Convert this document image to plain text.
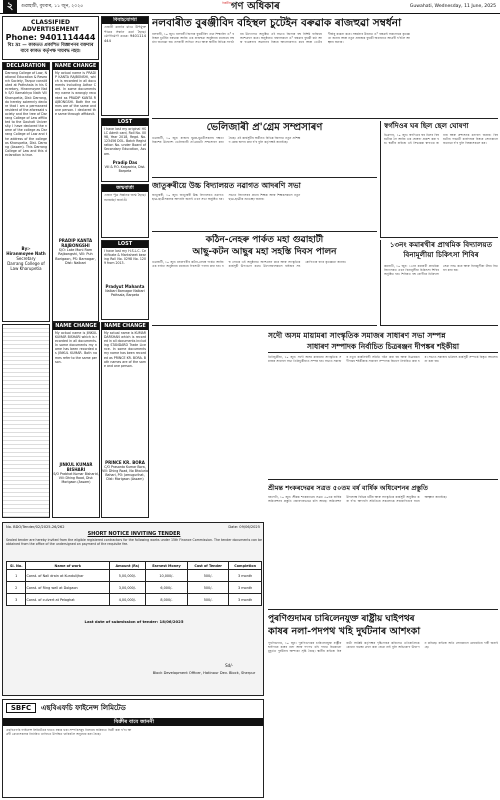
২	গুৱাহাটী, বুধবাৰ, ১১ জুন, ২০২৫
নিয়মীয়া গণ অধিকাৰ	Guwahati, Wednesday, 11 June, 2025
CLASSIFIED
ADVERTISEMENT
Phone: 9401114444
বিঃ দ্ৰঃ — কাকতত প্ৰকাশিত বিজ্ঞাপনৰ বক্তব্যৰ বাবে কাকত কৰ্তৃপক্ষ দায়বদ্ধ নহয়।
DECLARATION
Darrang College of Law, National Education & Research Society, Tezpur constituted at Pathshala in his Secretary, Hiranmoyee Nath S/O Kamakhya Nath Vill Kharupetia, Dist: Darrang, do hereby solemnly declare that I am a permanent resident of the aforesaid society and the tree of Darrang College of Law affiliated to the Gauhati University. I have declared the name of the college as Darrang College of Law and the address of the college as Kharupetia, Dist. Darrang (Assam). This Darrang College of Law and this declaration is true.
By:-
Hiranmoyee Nath
Secretary
Darrang College of Law Kharupetia
NAME CHANGE
My actual name is PRADIP KANTA RAJBONSHI, which is recorded in all documents including Adhar Card. In some documents my name is wrongly recorded as PRADIP KANTA RAJBONGSHI. Both the names are of the same and one person. I declared the same through affidavit.
PRADIP KANTA RAJBONGSHI
S/O: Late Moni Ram Rajbongshi, Vill: Puh Borigaon, PS: Barnagar, Dist: Nalbari
বিবাহযোগ্যা
এজনী কন্যাৰ বাবে উপযুক্ত পাত্ৰৰ সন্ধান কৰা হৈছে। যোগাযোগ কৰক: 9401114444
LOST
I have lost my original HSLC Admit card, Roll No. 0098, Year 2018, Regd. No. 123456 DOL. Batch Registration No. under Board of Secondary Education, Assam.
Pradip Das
Vill & P.O. Kalgachia, Dist. Barpeta
জন্মবাৰ্তা
এজন পুত্ৰ সন্তানৰ জন্ম হৈছে। শুভেচ্ছা জনাওঁ।
LOST
I have lost my H.S.L.C. Certificate & Marksheet bearing Roll No. 0298 No. 1209 from 2013.
Pradyut Mahanta
Nalbari Barnagar Nalbari Pathsala, Barpeta
NAME CHANGE
My actual name is JINKUL KUMAR BISHARI which is recorded in all documents. In some documents my name has been recorded as JINKUL KUMAR. Both names refer to the same person.
JINKUL KUMAR BISHARI
S/O Prabhat Kumar Bisharid, Vill: Dhing Road, Dist: Morigaon (Assam)
NAME CHANGE
My actual name is KUMAR DARSHAN which is recorded in all documents including STANDARD Trade Licence. In some documents my name has been recorded as PRINCE KR. BORA. Both names are of the same and one person.
PRINCE KR. BORA
C/O Prasanta Kumar Bora, Vill: Dhing Road, No Bhaluria Bahari, PO: Jamugurihat, Dist: Morigaon (Assam)
নলবাৰীত বুৰঞ্জীবিদ বহিস্থল চুটেইন বৰুৱাক ৰাজহুৱা সম্বৰ্ধনা
নলবাৰী, ১০ জুন: নলবাৰী জিলাৰ বুৰঞ্জীবিদ তথা শিক্ষাবিদ ড° বহিস্থল চুটেইন বৰুৱাক আজি এক ৰাজহুৱা অনুষ্ঠানৰ মাজেৰে সম্বৰ্ধনা জনোৱা হয়। নলবাৰী সাহিত্য সভা আৰু স্থানীয় বিভিন্ন সংগঠনৰ উদ্যোগত অনুষ্ঠিত এই সভাত জিলাৰ বহু বিশিষ্ট ব্যক্তিয়ে অংশগ্ৰহণ কৰে। অনুষ্ঠানত বক্তাসকলে ড° বৰুৱাৰ বুৰঞ্জী চৰ্চা আৰু গৱেষণাৰ অৱদানৰ বিষয়ে আলোকপাত কৰে আৰু তেওঁৰ দীৰ্ঘায়ু কামনা কৰে। সম্বৰ্ধনাৰ উত্তৰত ড° বৰুৱাই সকলোকে কৃতজ্ঞতা জনায় আৰু নতুন প্ৰজন্মক বুৰঞ্জী অধ্যয়নত আগ্ৰহী হ'বলৈ আহ্বান জনায়।
ভেলিজাৰী প্ৰ'গ্ৰেম সম্প্ৰসাৰণ
গুৱাহাটী, ১০ জুন: ৰাজ্যৰ যুৱক-যুৱতীসকলৰ দক্ষতা বিকাশৰ উদ্দেশ্যে ভেলিজাৰী প্ৰ'গ্ৰেমটো সম্প্ৰসাৰণ কৰা হৈছে। এই কাৰ্যসূচীৰ অধীনত বিভিন্ন জিলাত নতুন প্ৰশিক্ষণ কেন্দ্ৰ স্থাপন কৰা হ'ব বুলি কৰ্তৃপক্ষই জনাইছে।
জাতুৰুৰীয়ে উচ্চ বিদ্যালয়ত নৱাগত আদৰণি সভা
জাতুৰুৰী, ১০ জুন: জাতুৰুৰী উচ্চ বিদ্যালয়ত নৱাগত ছাত্ৰ-ছাত্ৰীসকলক আদৰণি জনাই এখন সভা অনুষ্ঠিত হয়। সভাত বিদ্যালয়ৰ প্ৰধান শিক্ষক আৰু শিক্ষকসকলে নতুন ছাত্ৰ-ছাত্ৰীক শুভেচ্ছা জনায়।
কঠিন-নেহৰু পাৰ্কত মহা গুৱাহাটী
আছু-কটন আছুৰ মহা সহস্তি দিবস পালন
গুৱাহাটী, ১০ জুন: মহানগৰীৰ কঠিন-নেহৰু পাৰ্কত আজি এক বৰ্ণাঢ্য অনুষ্ঠানৰ মাজেৰে দিবসটো পালন কৰা হয়। বহু লোকে এই অনুষ্ঠানত অংশগ্ৰহণ কৰে আৰু সাংস্কৃতিক কাৰ্যসূচী উপভোগ কৰে। উদ্যোক্তাসকলে ৰাইজৰ সহযোগিতাৰ বাবে কৃতজ্ঞতা জনায়।
স্বৰ্গদিওৰ ঘৰ ছিল ছেল ঘোষণা
ডিব্ৰুগড়, ১০ জুন: স্বৰ্গদিওৰ ঘৰ চিলৰ বিষয়টোক লৈ আজি এক ঘোষণা প্ৰকাশ কৰা হয়। স্থানীয় ৰাইজে এই সিদ্ধান্তক স্বাগতম জনায় আৰু প্ৰশাসনক ধন্যবাদ জনায়। বিষয়টোৰ পৰৱৰ্তী কাৰ্যপন্থাৰ বিষয়ে সোনকালে জনোৱা হ'ব বুলি বিষয়াসকলে কয়।
১৩নং কমাৰখীৰ প্ৰাথমিক বিদ্যালয়ত বিনামূলীয়া চিকিৎসা শিবিৰ
কমাৰখী, ১০ জুন: ১৩নং কমাৰখী প্ৰাথমিক বিদ্যালয়ত এখন বিনামূলীয়া চিকিৎসা শিবিৰ অনুষ্ঠিত হয়। শিবিৰত বহু ৰোগীয়ে চিকিৎসা সেৱা লাভ কৰে আৰু বিনামূলীয়া ঔষধ বিতৰণ কৰা হয়।
No. BDO/Tender/02/2025-26/262	Date: 09/06/2025
SHORT NOTICE INVITING TENDER
Sealed tender are hereby invited from the eligible registered contractors for the following works under 15th Finance Commission. The tender documents can be obtained from the office of the undersigned on payment of the requisite fee.
Sl. No.	Name of work	Amount (Rs)	Earnest Money	Cost of Tender	Completion
1	Const. of Nali drain at Kundulijhar	5,00,000/-	10,000/-	500/-	3 month
2	Const. of Ring well at Dolgaon	3,00,000/-	6,000/-	500/-	3 month
3	Const. of culvert at Pelaghat	4,00,000/-	8,000/-	500/-	3 month
Last date of submission of tender: 18/06/2025
Sd/-
Block Development Officer, Hatinour Dev. Block, Sherpur
SBFC	এছবিএফচি ফাইনেন্স লিমিটেড
বিক্ৰীৰ বাবে জাননী
এছবিএফচি ফাইনেন্স লিমিটেডৰ হাতত বন্ধক থকা সম্পত্তিসমূহ নিলামৰ জৰিয়তে বিক্ৰী কৰা হ'ব। আগ্ৰহী ক্ৰেতাসকলক নিৰ্ধাৰিত তাৰিখত উপস্থিত থাকিবলৈ অনুৰোধ কৰা হৈছে।
সদৌ অসম মায়ামৰা সাংস্কৃতিক সমাজৰ সাধাৰণ সভা সম্পন্ন
সাধাৰণ সম্পাদক নিৰ্বাচিত চিত্ৰৰঞ্জন দীপঙ্কৰ শইকীয়া
তিনিচুকীয়া, ১০ জুন: সদৌ অসম মায়ামৰা সাংস্কৃতিক সমাজৰ সাধাৰণ সভা তিনিচুকীয়াত সম্পন্ন হয়। সভাত সমাজৰ নতুন কাৰ্যনিৰ্বাহী সমিতি গঠন কৰা হয় আৰু চিত্ৰৰঞ্জন দীপঙ্কৰ শইকীয়াক সাধাৰণ সম্পাদক হিচাপে নিৰ্বাচিত কৰা হয়। সভাত সমাজৰ ভৱিষ্যৎ কাৰ্যসূচী সম্পৰ্কে বিস্তৃত আলোচনা কৰা হয়।
শ্ৰীমন্ত শংকৰদেৱৰ সত্ৰত ৫০তম বৰ্ষ বাৰ্ষিক অধিবেশনৰ প্ৰস্তুতি
বৰপেটা, ১০ জুন: শ্ৰীমন্ত শংকৰদেৱৰ সত্ৰত ৫০তম বাৰ্ষিক অধিবেশনৰ প্ৰস্তুতি জোৰদাৰভাৱে চলি আছে। অধিবেশন উপলক্ষে বিভিন্ন ধৰ্মীয় আৰু সাংস্কৃতিক কাৰ্যসূচী অনুষ্ঠিত কৰা হ'ব। আদৰণি সমিতিয়ে সকলোকে সহযোগিতাৰ বাবে আহ্বান জনাইছে।
পুৰণিগুদামৰ চাৰিলেনযুক্ত ৰাষ্ট্ৰীয় ঘাইপথৰ
কাষৰ নলা-পদপথ খহি দুৰ্ঘটনাৰ আশংকা
পুৰণিগুদাম, ১০ জুন: পুৰণিগুদামৰ চাৰিলেনযুক্ত ৰাষ্ট্ৰীয় ঘাইপথৰ কাষৰ নলা আৰু পদপথ খহি পৰাত যিকোনো মুহূৰ্তত দুৰ্ঘটনাৰ আশংকা সৃষ্টি হৈছে। স্থানীয় ৰাইজে বিষয়টো সংশ্লিষ্ট কৰ্তৃপক্ষৰ দৃষ্টিগোচৰ কৰিলেও এতিয়ালৈকে কোনো ব্যৱস্থা গ্ৰহণ কৰা হোৱা নাই বুলি অভিযোগ উত্থাপন কৰিছে। ৰাইজে অতি সোনকালে মেৰামতিৰ দাবী জনাইছে।
